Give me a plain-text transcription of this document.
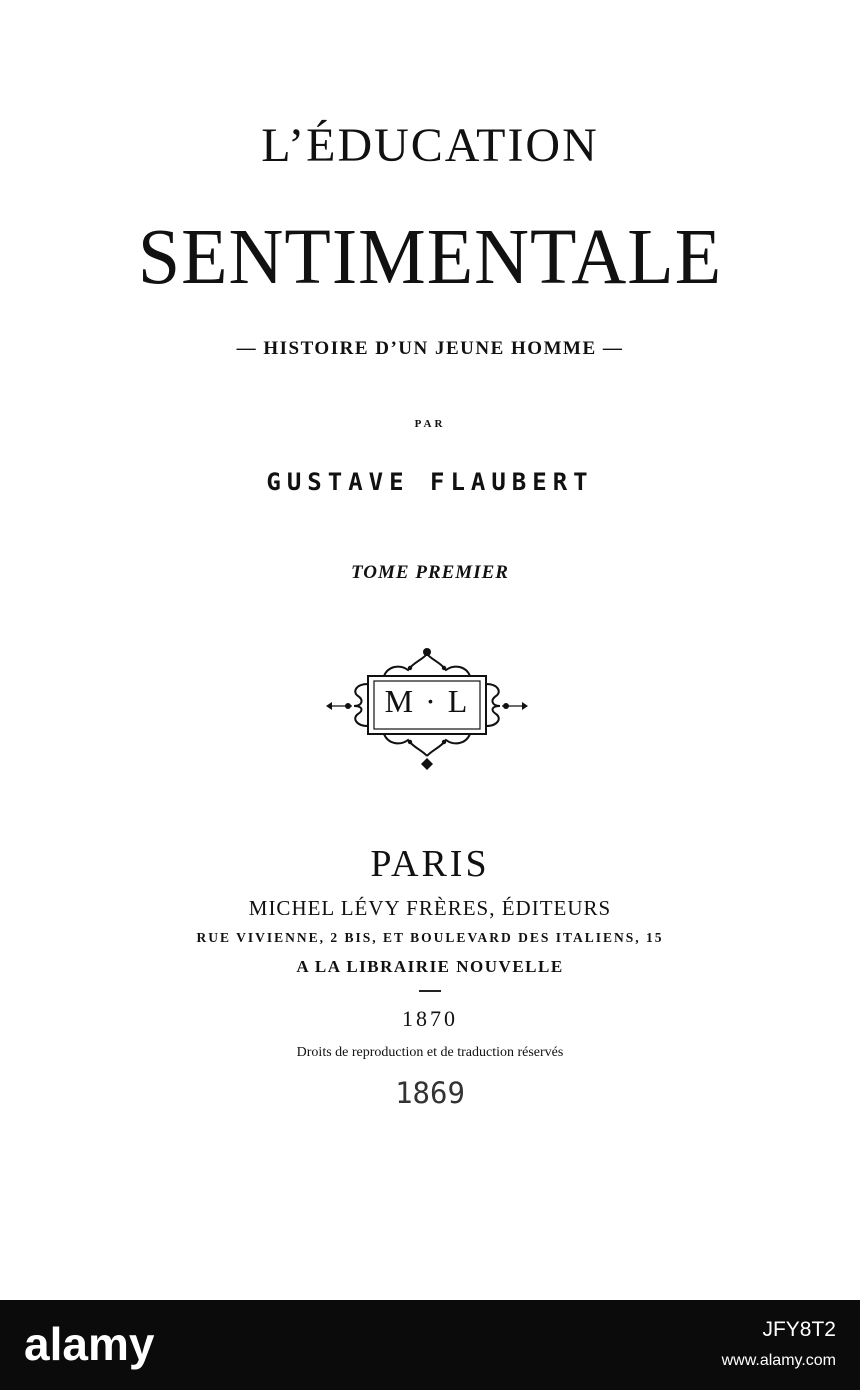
L’ÉDUCATION
SENTIMENTALE
— HISTOIRE D’UN JEUNE HOMME —
PAR
GUSTAVE FLAUBERT
TOME PREMIER
M · L
PARIS
MICHEL LÉVY FRÈRES, ÉDITEURS
RUE VIVIENNE, 2 BIS, ET BOULEVARD DES ITALIENS, 15
A LA LIBRAIRIE NOUVELLE
1870
Droits de reproduction et de traduction réservés
1869
alamy	JFY8T2
www.alamy.com
